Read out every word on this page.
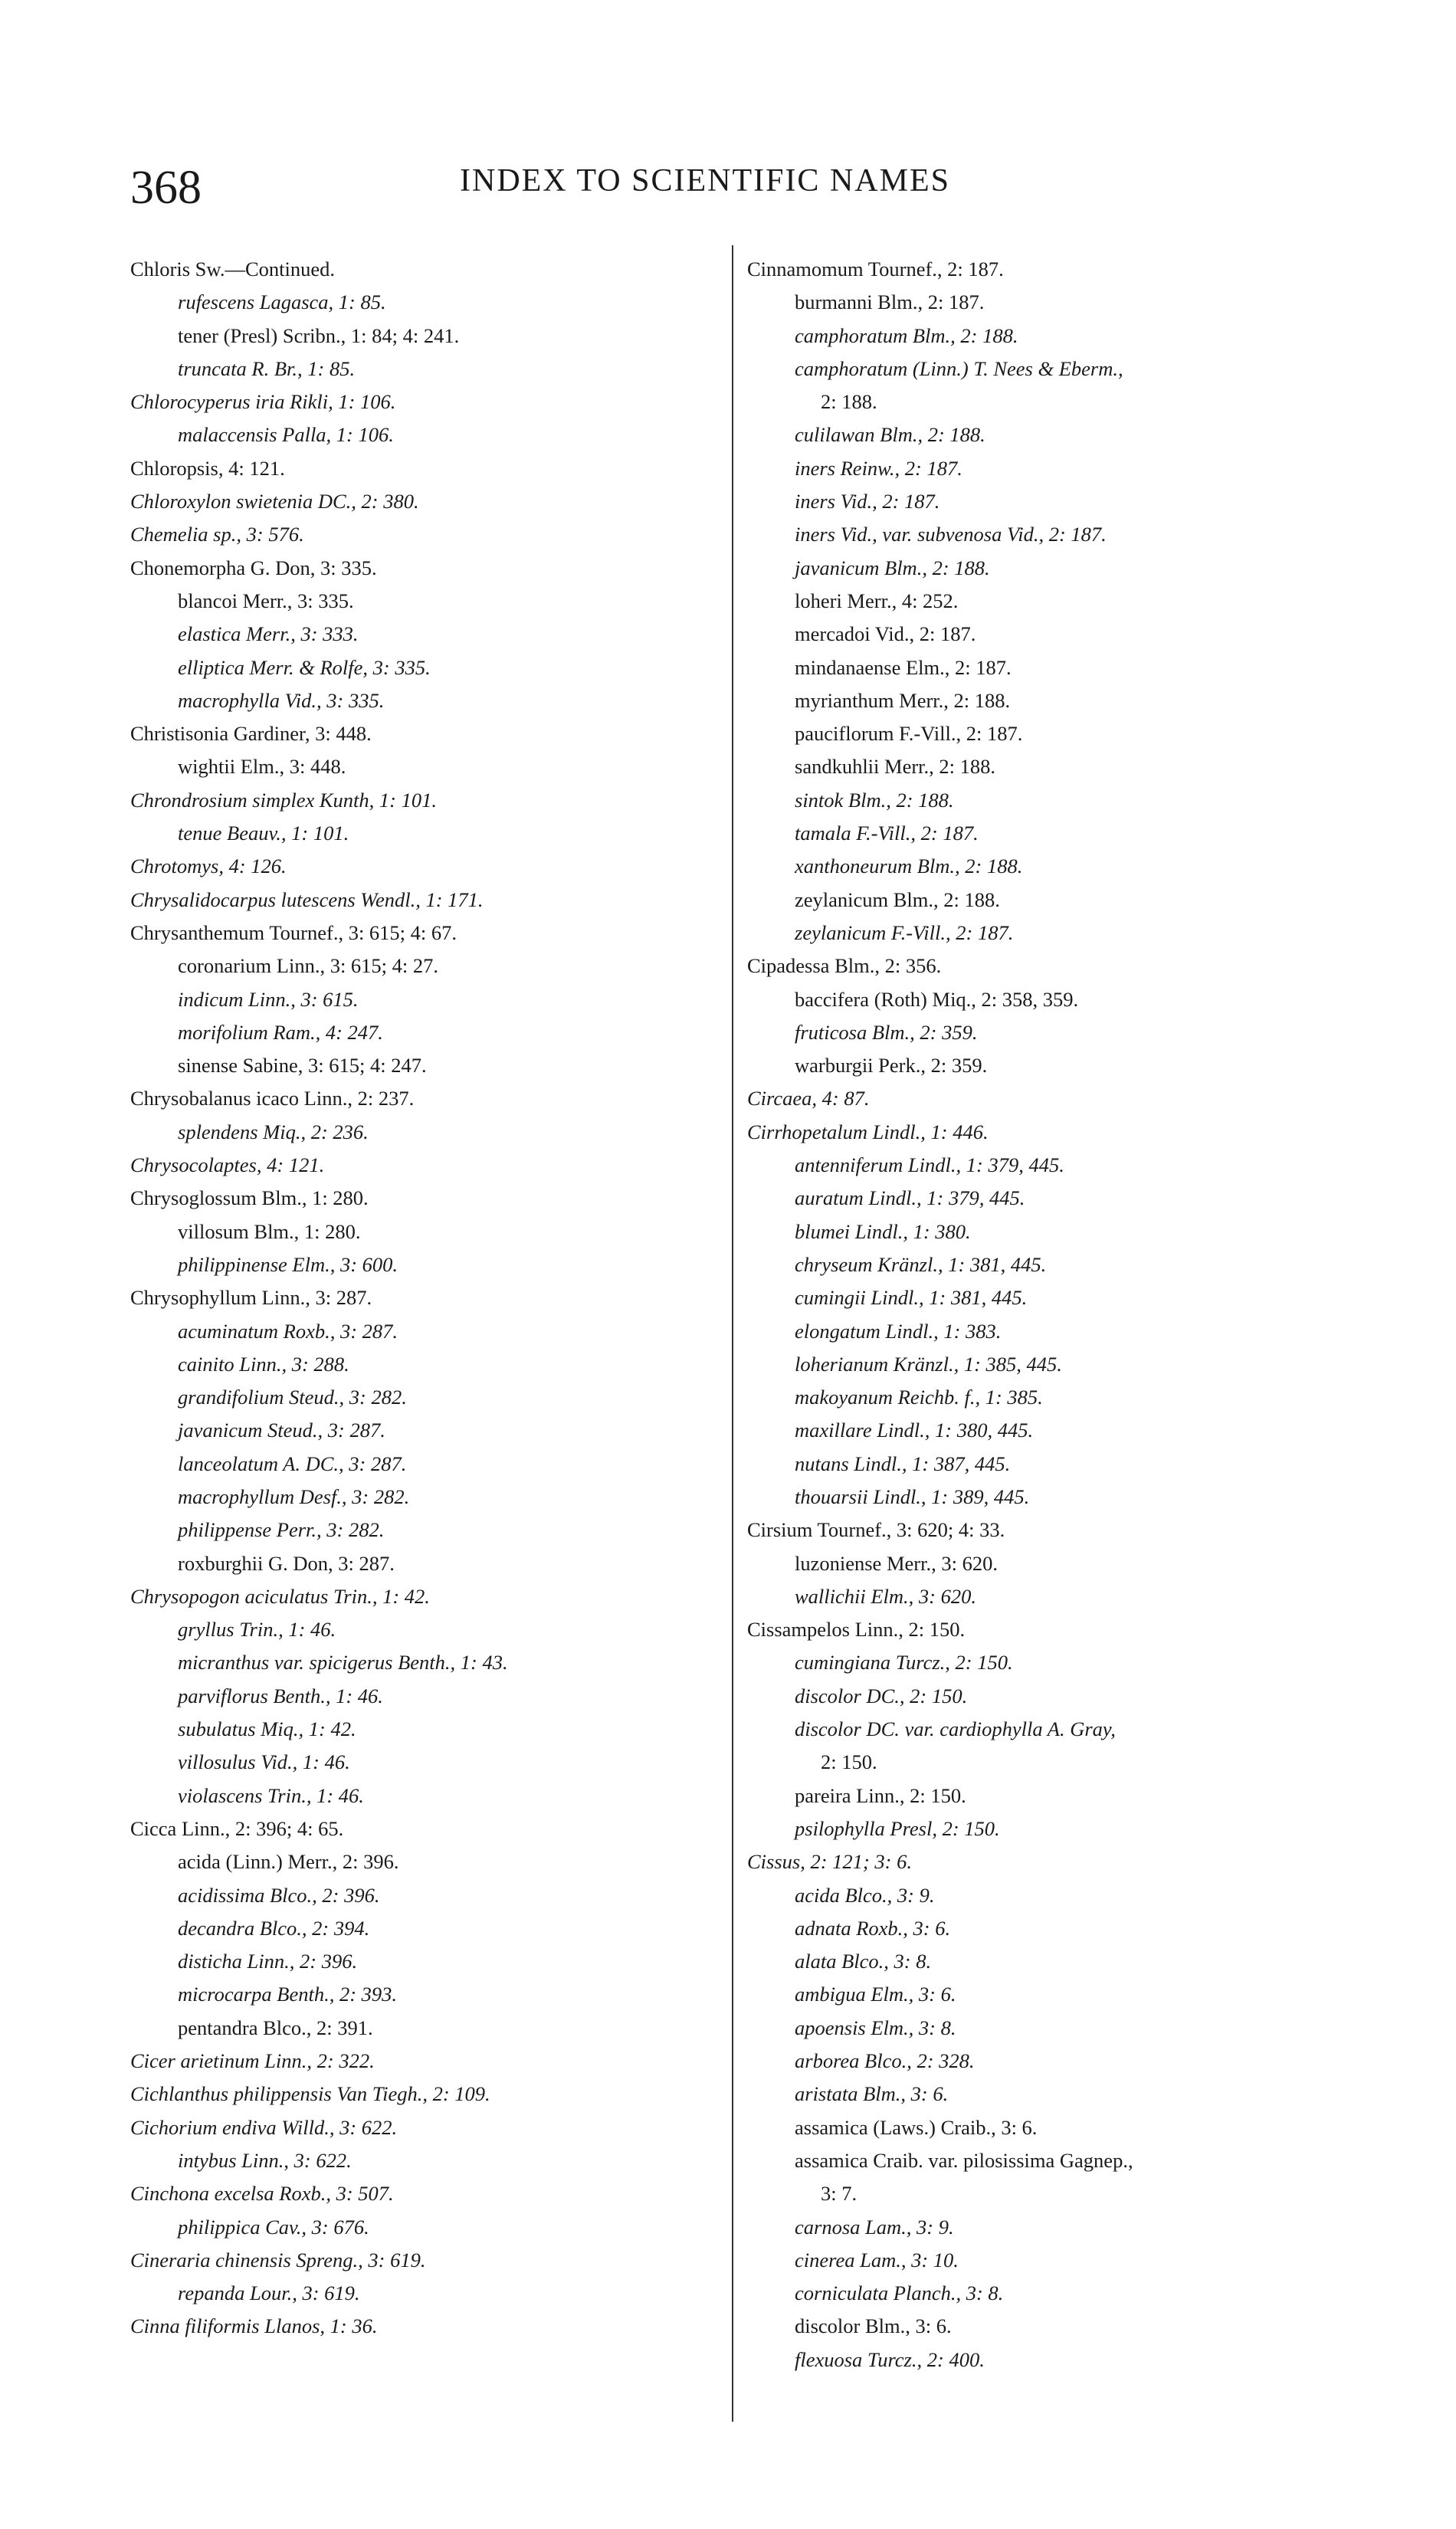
368	INDEX TO SCIENTIFIC NAMES
Chloris Sw.—Continued.
rufescens Lagasca, 1: 85.
tener (Presl) Scribn., 1: 84; 4: 241.
truncata R. Br., 1: 85.
Chlorocyperus iria Rikli, 1: 106.
malaccensis Palla, 1: 106.
Chloropsis, 4: 121.
Chloroxylon swietenia DC., 2: 380.
Chemelia sp., 3: 576.
Chonemorpha G. Don, 3: 335.
blancoi Merr., 3: 335.
elastica Merr., 3: 333.
elliptica Merr. & Rolfe, 3: 335.
macrophylla Vid., 3: 335.
Christisonia Gardiner, 3: 448.
wightii Elm., 3: 448.
Chrondrosium simplex Kunth, 1: 101.
tenue Beauv., 1: 101.
Chrotomys, 4: 126.
Chrysalidocarpus lutescens Wendl., 1: 171.
Chrysanthemum Tournef., 3: 615; 4: 67.
coronarium Linn., 3: 615; 4: 27.
indicum Linn., 3: 615.
morifolium Ram., 4: 247.
sinense Sabine, 3: 615; 4: 247.
Chrysobalanus icaco Linn., 2: 237.
splendens Miq., 2: 236.
Chrysocolaptes, 4: 121.
Chrysoglossum Blm., 1: 280.
villosum Blm., 1: 280.
philippinense Elm., 3: 600.
Chrysophyllum Linn., 3: 287.
acuminatum Roxb., 3: 287.
cainito Linn., 3: 288.
grandifolium Steud., 3: 282.
javanicum Steud., 3: 287.
lanceolatum A. DC., 3: 287.
macrophyllum Desf., 3: 282.
philippense Perr., 3: 282.
roxburghii G. Don, 3: 287.
Chrysopogon aciculatus Trin., 1: 42.
gryllus Trin., 1: 46.
micranthus var. spicigerus Benth., 1: 43.
parviflorus Benth., 1: 46.
subulatus Miq., 1: 42.
villosulus Vid., 1: 46.
violascens Trin., 1: 46.
Cicca Linn., 2: 396; 4: 65.
acida (Linn.) Merr., 2: 396.
acidissima Blco., 2: 396.
decandra Blco., 2: 394.
disticha Linn., 2: 396.
microcarpa Benth., 2: 393.
pentandra Blco., 2: 391.
Cicer arietinum Linn., 2: 322.
Cichlanthus philippensis Van Tiegh., 2: 109.
Cichorium endiva Willd., 3: 622.
intybus Linn., 3: 622.
Cinchona excelsa Roxb., 3: 507.
philippica Cav., 3: 676.
Cineraria chinensis Spreng., 3: 619.
repanda Lour., 3: 619.
Cinna filiformis Llanos, 1: 36.
Cinnamomum Tournef., 2: 187.
burmanni Blm., 2: 187.
camphoratum Blm., 2: 188.
camphoratum (Linn.) T. Nees & Eberm.,
2: 188.
culilawan Blm., 2: 188.
iners Reinw., 2: 187.
iners Vid., 2: 187.
iners Vid., var. subvenosa Vid., 2: 187.
javanicum Blm., 2: 188.
loheri Merr., 4: 252.
mercadoi Vid., 2: 187.
mindanaense Elm., 2: 187.
myrianthum Merr., 2: 188.
pauciflorum F.-Vill., 2: 187.
sandkuhlii Merr., 2: 188.
sintok Blm., 2: 188.
tamala F.-Vill., 2: 187.
xanthoneurum Blm., 2: 188.
zeylanicum Blm., 2: 188.
zeylanicum F.-Vill., 2: 187.
Cipadessa Blm., 2: 356.
baccifera (Roth) Miq., 2: 358, 359.
fruticosa Blm., 2: 359.
warburgii Perk., 2: 359.
Circaea, 4: 87.
Cirrhopetalum Lindl., 1: 446.
antenniferum Lindl., 1: 379, 445.
auratum Lindl., 1: 379, 445.
blumei Lindl., 1: 380.
chryseum Kränzl., 1: 381, 445.
cumingii Lindl., 1: 381, 445.
elongatum Lindl., 1: 383.
loherianum Kränzl., 1: 385, 445.
makoyanum Reichb. f., 1: 385.
maxillare Lindl., 1: 380, 445.
nutans Lindl., 1: 387, 445.
thouarsii Lindl., 1: 389, 445.
Cirsium Tournef., 3: 620; 4: 33.
luzoniense Merr., 3: 620.
wallichii Elm., 3: 620.
Cissampelos Linn., 2: 150.
cumingiana Turcz., 2: 150.
discolor DC., 2: 150.
discolor DC. var. cardiophylla A. Gray,
2: 150.
pareira Linn., 2: 150.
psilophylla Presl, 2: 150.
Cissus, 2: 121; 3: 6.
acida Blco., 3: 9.
adnata Roxb., 3: 6.
alata Blco., 3: 8.
ambigua Elm., 3: 6.
apoensis Elm., 3: 8.
arborea Blco., 2: 328.
aristata Blm., 3: 6.
assamica (Laws.) Craib., 3: 6.
assamica Craib. var. pilosissima Gagnep.,
3: 7.
carnosa Lam., 3: 9.
cinerea Lam., 3: 10.
corniculata Planch., 3: 8.
discolor Blm., 3: 6.
flexuosa Turcz., 2: 400.
